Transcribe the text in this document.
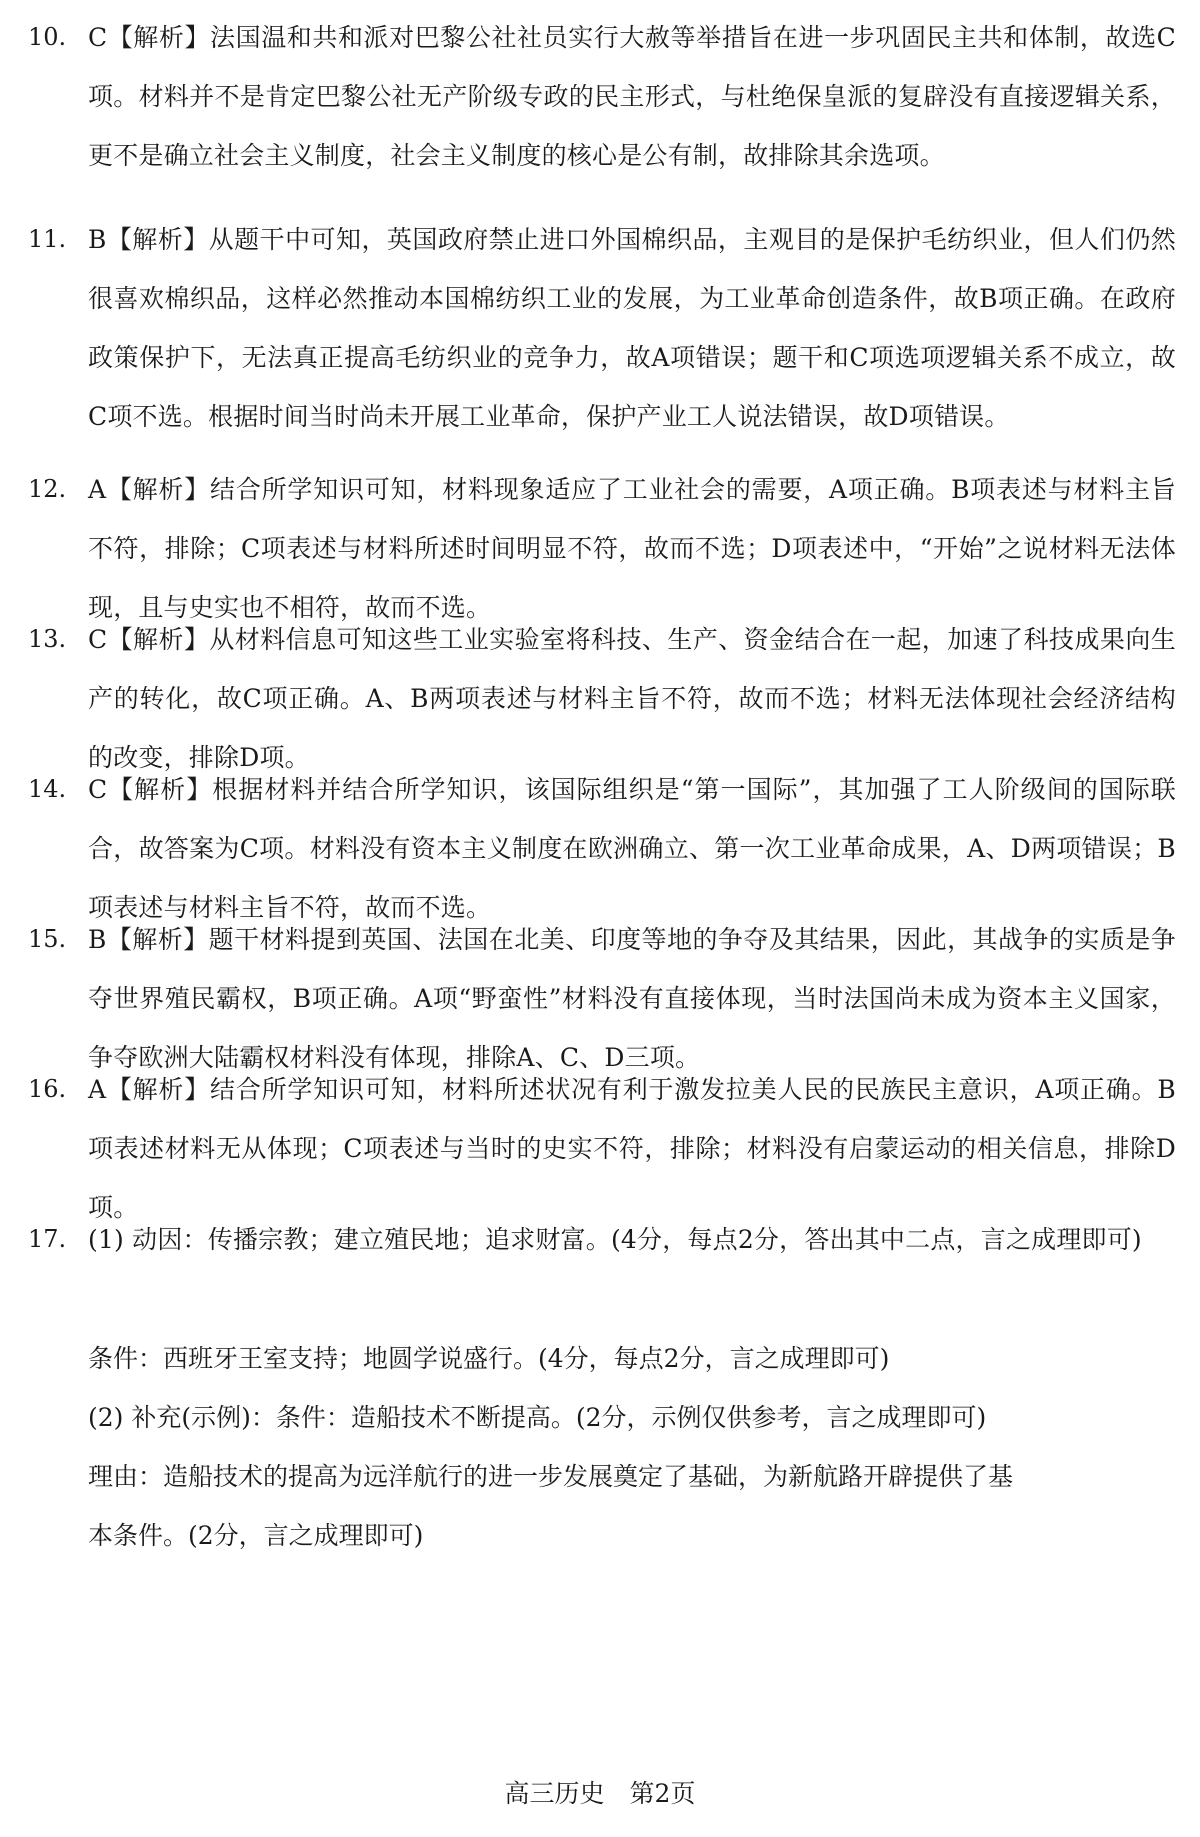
10. C【解析】法国温和共和派对巴黎公社社员实行大赦等举措旨在进一步巩固民主共和体制，故选C项。材料并不是肯定巴黎公社无产阶级专政的民主形式，与杜绝保皇派的复辟没有直接逻辑关系，更不是确立社会主义制度，社会主义制度的核心是公有制，故排除其余选项。
11. B【解析】从题干中可知，英国政府禁止进口外国棉织品，主观目的是保护毛纺织业，但人们仍然很喜欢棉织品，这样必然推动本国棉纺织工业的发展，为工业革命创造条件，故B项正确。在政府政策保护下，无法真正提高毛纺织业的竞争力，故A项错误；题干和C项选项逻辑关系不成立，故C项不选。根据时间当时尚未开展工业革命，保护产业工人说法错误，故D项错误。
12. A【解析】结合所学知识可知，材料现象适应了工业社会的需要，A项正确。B项表述与材料主旨不符，排除；C项表述与材料所述时间明显不符，故而不选；D项表述中，“开始”之说材料无法体现，且与史实也不相符，故而不选。
13. C【解析】从材料信息可知这些工业实验室将科技、生产、资金结合在一起，加速了科技成果向生产的转化，故C项正确。A、B两项表述与材料主旨不符，故而不选；材料无法体现社会经济结构的改变，排除D项。
14. C【解析】根据材料并结合所学知识，该国际组织是“第一国际”，其加强了工人阶级间的国际联合，故答案为C项。材料没有资本主义制度在欧洲确立、第一次工业革命成果，A、D两项错误；B项表述与材料主旨不符，故而不选。
15. B【解析】题干材料提到英国、法国在北美、印度等地的争夺及其结果，因此，其战争的实质是争夺世界殖民霸权，B项正确。A项“野蛮性”材料没有直接体现，当时法国尚未成为资本主义国家，争夺欧洲大陆霸权材料没有体现，排除A、C、D三项。
16. A【解析】结合所学知识可知，材料所述状况有利于激发拉美人民的民族民主意识，A项正确。B项表述材料无从体现；C项表述与当时的史实不符，排除；材料没有启蒙运动的相关信息，排除D项。
17. (1) 动因：传播宗教；建立殖民地；追求财富。(4分，每点2分，答出其中二点，言之成理即可)
条件：西班牙王室支持；地圆学说盛行。(4分，每点2分，言之成理即可)
(2) 补充(示例)：条件：造船技术不断提高。(2分，示例仅供参考，言之成理即可)
理由：造船技术的提高为远洋航行的进一步发展奠定了基础，为新航路开辟提供了基
本条件。(2分，言之成理即可)
高三历史　第2页
